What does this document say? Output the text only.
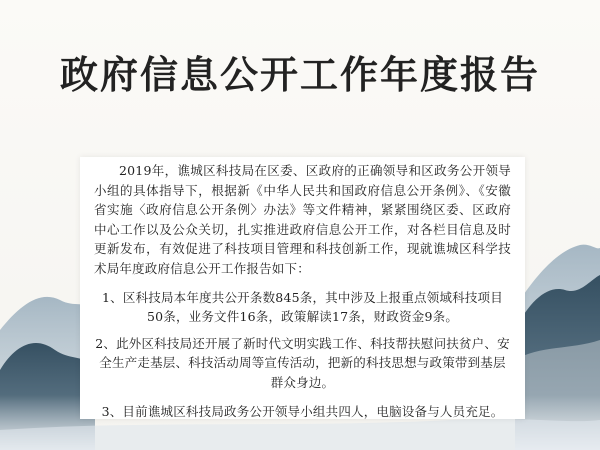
政府信息公开工作年度报告

2019年，谯城区科技局在区委、区政府的正确领导和区政务公开领导小组的具体指导下，根据新《中华人民共和国政府信息公开条例》、《安徽省实施〈政府信息公开条例〉办法》等文件精神，紧紧围绕区委、区政府中心工作以及公众关切，扎实推进政府信息公开工作，对各栏目信息及时更新发布，有效促进了科技项目管理和科技创新工作，现就谯城区科学技术局年度政府信息公开工作报告如下：

1、区科技局本年度共公开条数845条，其中涉及上报重点领域科技项目50条，业务文件16条，政策解读17条，财政资金9条。

2、此外区科技局还开展了新时代文明实践工作、科技帮扶慰问扶贫户、安全生产走基层、科技活动周等宣传活动，把新的科技思想与政策带到基层群众身边。

3、目前谯城区科技局政务公开领导小组共四人，电脑设备与人员充足。
